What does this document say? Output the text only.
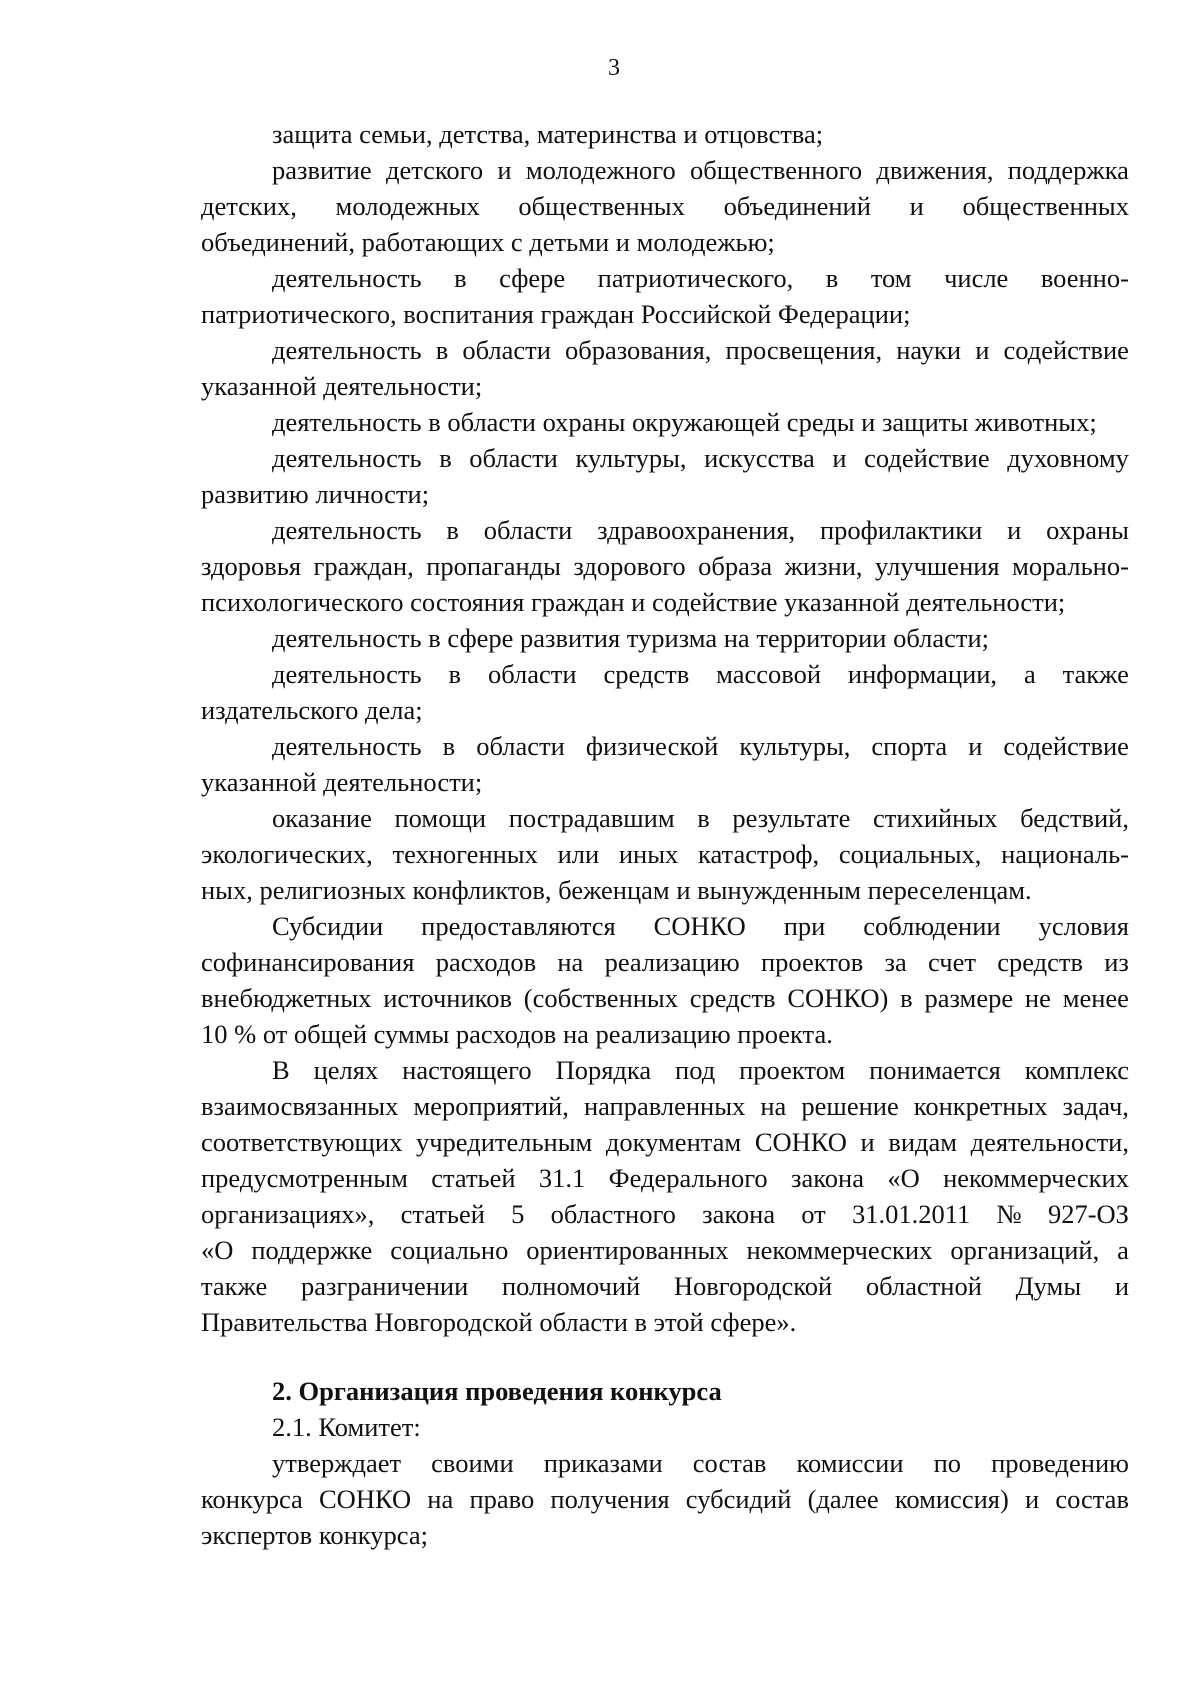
3
защита семьи, детства, материнства и отцовства;
развитие детского и молодежного общественного движения, поддержка
детских, молодежных общественных объединений и общественных
объединений, работающих с детьми и молодежью;
деятельность в сфере патриотического, в том числе военно-
патриотического, воспитания граждан Российской Федерации;
деятельность в области образования, просвещения, науки и содействие
указанной деятельности;
деятельность в области охраны окружающей среды и защиты животных;
деятельность в области культуры, искусства и содействие духовному
развитию личности;
деятельность в области здравоохранения, профилактики и охраны
здоровья граждан, пропаганды здорового образа жизни, улучшения морально-
психологического состояния граждан и содействие указанной деятельности;
деятельность в сфере развития туризма на территории области;
деятельность в области средств массовой информации, а также
издательского дела;
деятельность в области физической культуры, спорта и содействие
указанной деятельности;
оказание помощи пострадавшим в результате стихийных бедствий,
экологических, техногенных или иных катастроф, социальных, националь-
ных, религиозных конфликтов, беженцам и вынужденным переселенцам.
Субсидии предоставляются СОНКО при соблюдении условия
софинансирования расходов на реализацию проектов за счет средств из
внебюджетных источников (собственных средств СОНКО) в размере не менее
10 % от общей суммы расходов на реализацию проекта.
В целях настоящего Порядка под проектом понимается комплекс
взаимосвязанных мероприятий, направленных на решение конкретных задач,
соответствующих учредительным документам СОНКО и видам деятельности,
предусмотренным статьей 31.1 Федерального закона «О некоммерческих
организациях», статьей 5 областного закона от 31.01.2011 № 927-ОЗ
«О поддержке социально ориентированных некоммерческих организаций, а
также разграничении полномочий Новгородской областной Думы и
Правительства Новгородской области в этой сфере».
2. Организация проведения конкурса
2.1. Комитет:
утверждает своими приказами состав комиссии по проведению
конкурса СОНКО на право получения субсидий (далее комиссия) и состав
экспертов конкурса;
